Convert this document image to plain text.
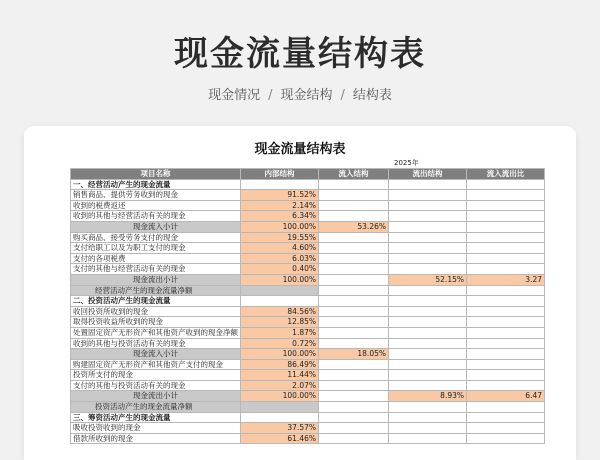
现金流量结构表
现金情况 / 现金结构 / 结构表
现金流量结构表
2025年
项目名称	内部结构	流入结构	流出结构	流入流出比
一、经营活动产生的现金流量				
销售商品、提供劳务收到的现金	91.52%			
收到的税费返还	2.14%			
收到的其他与经营活动有关的现金	6.34%			
现金流入小计	100.00%	53.26%		
购买商品、接受劳务支付的现金	19.55%			
支付给职工以及为职工支付的现金	4.60%			
支付的各项税费	6.03%			
支付的其他与经营活动有关的现金	0.40%			
现金流出小计	100.00%		52.15%	3.27
经营活动产生的现金流量净额				
二、投资活动产生的现金流量				
收回投资所收到的现金	84.56%			
取得投资收益所收到的现金	12.85%			
处置固定资产无形资产和其他资产收到的现金净额	1.87%			
收到的其他与投资活动有关的现金	0.72%			
现金流入小计	100.00%	18.05%		
购建固定资产无形资产和其他资产支付的现金	86.49%			
投资所支付的现金	11.44%			
支付的其他与投资活动有关的现金	2.07%			
现金流出小计	100.00%		8.93%	6.47
投资活动产生的现金流量净额				
三、筹资活动产生的现金流量				
吸收投资收到的现金	37.57%			
借款所收到的现金	61.46%			
